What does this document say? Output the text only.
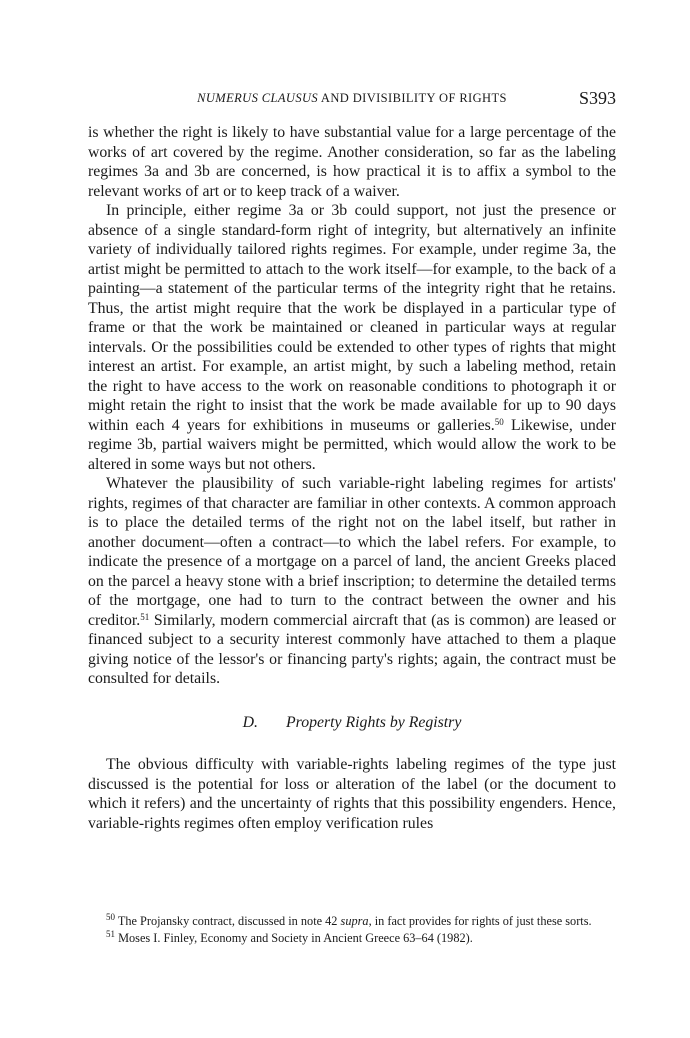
NUMERUS CLAUSUS AND DIVISIBILITY OF RIGHTS	S393

is whether the right is likely to have substantial value for a large percentage of the works of art covered by the regime. Another consideration, so far as the labeling regimes 3a and 3b are concerned, is how practical it is to affix a symbol to the relevant works of art or to keep track of a waiver.

In principle, either regime 3a or 3b could support, not just the presence or absence of a single standard-form right of integrity, but alternatively an infinite variety of individually tailored rights regimes. For example, under regime 3a, the artist might be permitted to attach to the work itself—for example, to the back of a painting—a statement of the particular terms of the integrity right that he retains. Thus, the artist might require that the work be displayed in a particular type of frame or that the work be maintained or cleaned in particular ways at regular intervals. Or the possibilities could be extended to other types of rights that might interest an artist. For example, an artist might, by such a labeling method, retain the right to have access to the work on reasonable conditions to photograph it or might retain the right to insist that the work be made available for up to 90 days within each 4 years for exhibitions in museums or galleries.$^{50}$ Likewise, under regime 3b, partial waivers might be permitted, which would allow the work to be altered in some ways but not others.

Whatever the plausibility of such variable-right labeling regimes for artists' rights, regimes of that character are familiar in other contexts. A common approach is to place the detailed terms of the right not on the label itself, but rather in another document—often a contract—to which the label refers. For example, to indicate the presence of a mortgage on a parcel of land, the ancient Greeks placed on the parcel a heavy stone with a brief inscription; to determine the detailed terms of the mortgage, one had to turn to the contract between the owner and his creditor.$^{51}$ Similarly, modern commercial aircraft that (as is common) are leased or financed subject to a security interest commonly have attached to them a plaque giving notice of the lessor's or financing party's rights; again, the contract must be consulted for details.

D. Property Rights by Registry

The obvious difficulty with variable-rights labeling regimes of the type just discussed is the potential for loss or alteration of the label (or the document to which it refers) and the uncertainty of rights that this possibility engenders. Hence, variable-rights regimes often employ verification rules

$^{50}$ The Projansky contract, discussed in note 42 supra, in fact provides for rights of just these sorts.

$^{51}$ Moses I. Finley, Economy and Society in Ancient Greece 63–64 (1982).
